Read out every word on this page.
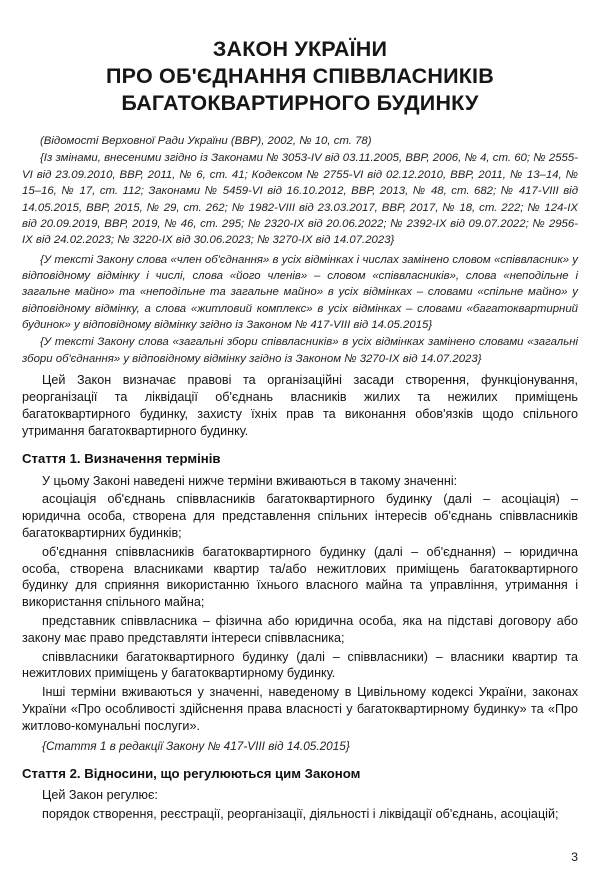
ЗАКОН УКРАЇНИ
ПРО ОБ'ЄДНАННЯ СПІВВЛАСНИКІВ
БАГАТОКВАРТИРНОГО БУДИНКУ

(Відомості Верховної Ради України (ВВР), 2002, № 10, ст. 78)

{Із змінами, внесеними згідно із Законами № 3053-IV від 03.11.2005, ВВР, 2006, № 4, ст. 60; № 2555-VI від 23.09.2010, ВВР, 2011, № 6, ст. 41; Кодексом № 2755-VI від 02.12.2010, ВВР, 2011, № 13–14, № 15–16, № 17, ст. 112; Законами № 5459-VI від 16.10.2012, ВВР, 2013, № 48, ст. 682; № 417-VIII від 14.05.2015, ВВР, 2015, № 29, ст. 262; № 1982-VIII від 23.03.2017, ВВР, 2017, № 18, ст. 222; № 124-IX від 20.09.2019, ВВР, 2019, № 46, ст. 295; № 2320-IX від 20.06.2022; № 2392-IX від 09.07.2022; № 2956-IX від 24.02.2023; № 3220-IX від 30.06.2023; № 3270-IX від 14.07.2023}

{У тексті Закону слова «член об'єднання» в усіх відмінках і числах замінено словом «співвласник» у відповідному відмінку і числі, слова «його членів» – словом «співвласників», слова «неподільне і загальне майно» та «неподільне та загальне майно» в усіх відмінках – словами «спільне майно» у відповідному відмінку, а слова «житловий комплекс» в усіх відмінках – словами «багатоквартирний будинок» у відповідному відмінку згідно із Законом № 417-VIII від 14.05.2015}

{У тексті Закону слова «загальні збори співвласників» в усіх відмінках замінено словами «загальні збори об'єднання» у відповідному відмінку згідно із Законом № 3270-IX від 14.07.2023}

Цей Закон визначає правові та організаційні засади створення, функціонування, реорганізації та ліквідації об'єднань власників жилих та нежилих приміщень багатоквартирного будинку, захисту їхніх прав та виконання обов'язків щодо спільного утримання багатоквартирного будинку.

Стаття 1. Визначення термінів

У цьому Законі наведені нижче терміни вживаються в такому значенні:

асоціація об'єднань співвласників багатоквартирного будинку (далі – асоціація) – юридична особа, створена для представлення спільних інтересів об'єднань співвласників багатоквартирних будинків;

об'єднання співвласників багатоквартирного будинку (далі – об'єднання) – юридична особа, створена власниками квартир та/або нежитлових приміщень багатоквартирного будинку для сприяння використанню їхнього власного майна та управління, утримання і використання спільного майна;

представник співвласника – фізична або юридична особа, яка на підставі договору або закону має право представляти інтереси співвласника;

співвласники багатоквартирного будинку (далі – співвласники) – власники квартир та нежитлових приміщень у багатоквартирному будинку.

Інші терміни вживаються у значенні, наведеному в Цивільному кодексі України, законах України «Про особливості здійснення права власності у багатоквартирному будинку» та «Про житлово-комунальні послуги».

{Стаття 1 в редакції Закону № 417-VIII від 14.05.2015}

Стаття 2. Відносини, що регулюються цим Законом

Цей Закон регулює:

порядок створення, реєстрації, реорганізації, діяльності і ліквідації об'єднань, асоціацій;

3
